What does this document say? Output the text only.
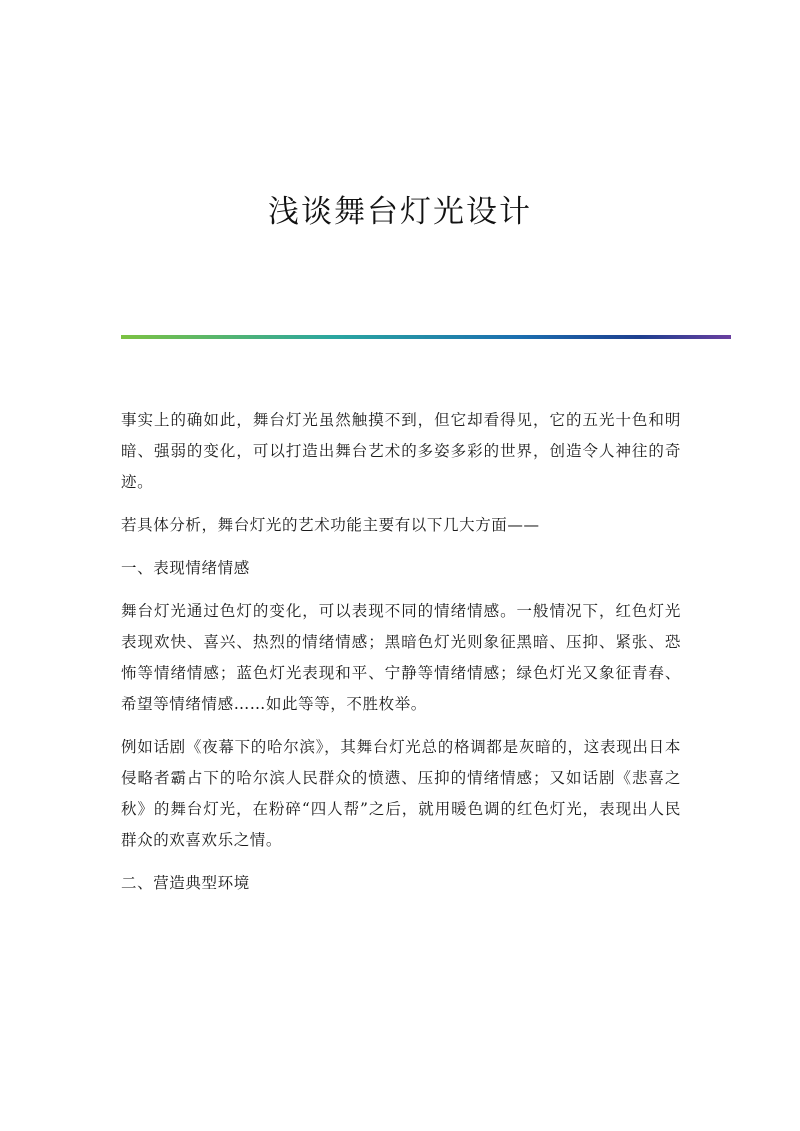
浅谈舞台灯光设计

事实上的确如此，舞台灯光虽然触摸不到，但它却看得见，它的五光十色和明暗、强弱的变化，可以打造出舞台艺术的多姿多彩的世界，创造令人神往的奇迹。

若具体分析，舞台灯光的艺术功能主要有以下几大方面——

一、表现情绪情感

舞台灯光通过色灯的变化，可以表现不同的情绪情感。一般情况下，红色灯光表现欢快、喜兴、热烈的情绪情感；黑暗色灯光则象征黑暗、压抑、紧张、恐怖等情绪情感；蓝色灯光表现和平、宁静等情绪情感；绿色灯光又象征青春、希望等情绪情感……如此等等，不胜枚举。

例如话剧《夜幕下的哈尔滨》，其舞台灯光总的格调都是灰暗的，这表现出日本侵略者霸占下的哈尔滨人民群众的愤懑、压抑的情绪情感；又如话剧《悲喜之秋》的舞台灯光，在粉碎“四人帮”之后，就用暖色调的红色灯光，表现出人民群众的欢喜欢乐之情。

二、营造典型环境
